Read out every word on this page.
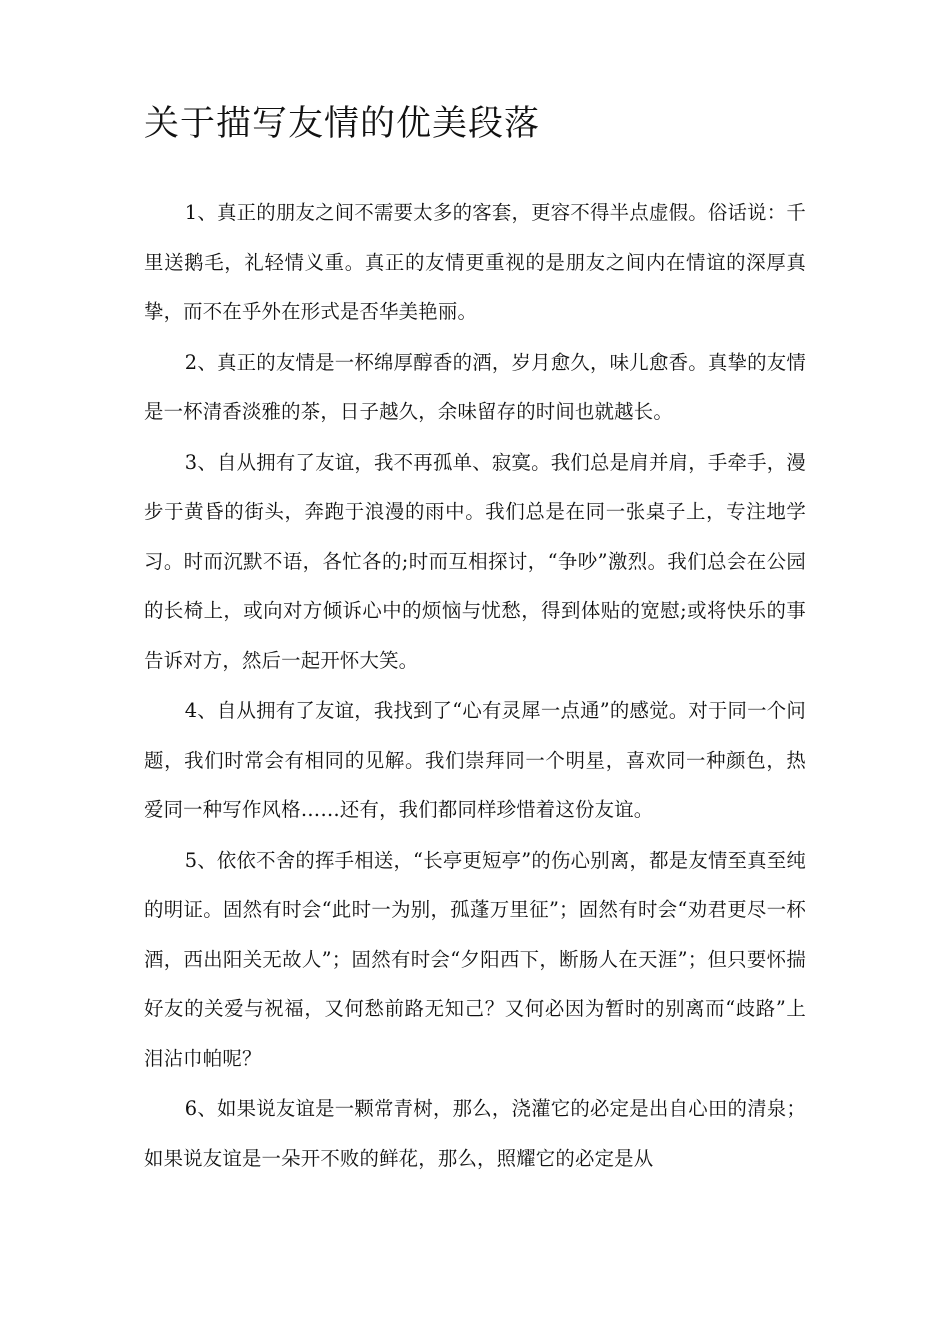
关于描写友情的优美段落

1、真正的朋友之间不需要太多的客套，更容不得半点虚假。俗话说：千里送鹅毛，礼轻情义重。真正的友情更重视的是朋友之间内在情谊的深厚真挚，而不在乎外在形式是否华美艳丽。

2、真正的友情是一杯绵厚醇香的酒，岁月愈久，味儿愈香。真挚的友情是一杯清香淡雅的茶，日子越久，余味留存的时间也就越长。

3、自从拥有了友谊，我不再孤单、寂寞。我们总是肩并肩，手牵手，漫步于黄昏的街头，奔跑于浪漫的雨中。我们总是在同一张桌子上，专注地学习。时而沉默不语，各忙各的;时而互相探讨，“争吵”激烈。我们总会在公园的长椅上，或向对方倾诉心中的烦恼与忧愁，得到体贴的宽慰;或将快乐的事告诉对方，然后一起开怀大笑。

4、自从拥有了友谊，我找到了“心有灵犀一点通”的感觉。对于同一个问题，我们时常会有相同的见解。我们崇拜同一个明星，喜欢同一种颜色，热爱同一种写作风格……还有，我们都同样珍惜着这份友谊。

5、依依不舍的挥手相送，“长亭更短亭”的伤心别离，都是友情至真至纯的明证。固然有时会“此时一为别，孤蓬万里征”；固然有时会“劝君更尽一杯酒，西出阳关无故人”；固然有时会“夕阳西下，断肠人在天涯”；但只要怀揣好友的关爱与祝福，又何愁前路无知己？又何必因为暂时的别离而“歧路”上泪沾巾帕呢？

6、如果说友谊是一颗常青树，那么，浇灌它的必定是出自心田的清泉；如果说友谊是一朵开不败的鲜花，那么，照耀它的必定是从
